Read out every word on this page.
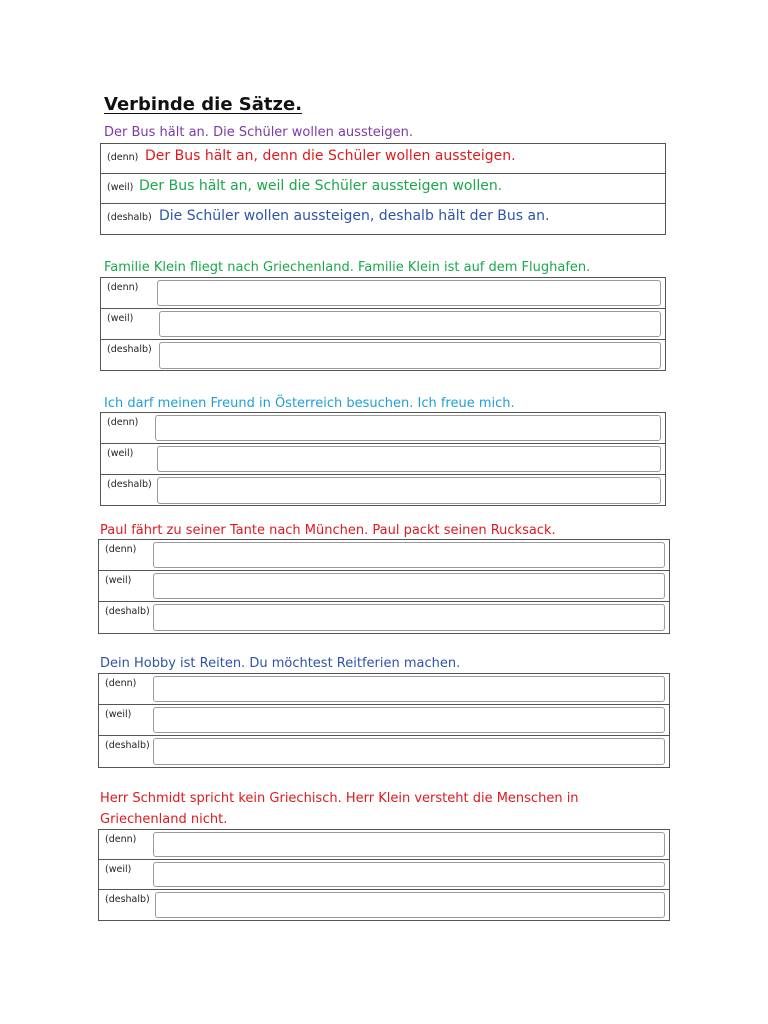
Verbinde die Sätze.

Der Bus hält an. Die Schüler wollen aussteigen.

(denn) Der Bus hält an, denn die Schüler wollen aussteigen.
(weil) Der Bus hält an, weil die Schüler aussteigen wollen.
(deshalb) Die Schüler wollen aussteigen, deshalb hält der Bus an.

Familie Klein fliegt nach Griechenland. Familie Klein ist auf dem Flughafen.

(denn)
(weil)
(deshalb)

Ich darf meinen Freund in Österreich besuchen. Ich freue mich.

(denn)
(weil)
(deshalb)

Paul fährt zu seiner Tante nach München. Paul packt seinen Rucksack.

(denn)
(weil)
(deshalb)

Dein Hobby ist Reiten. Du möchtest Reitferien machen.

(denn)
(weil)
(deshalb)

Herr Schmidt spricht kein Griechisch. Herr Klein versteht die Menschen in Griechenland nicht.

(denn)
(weil)
(deshalb)
